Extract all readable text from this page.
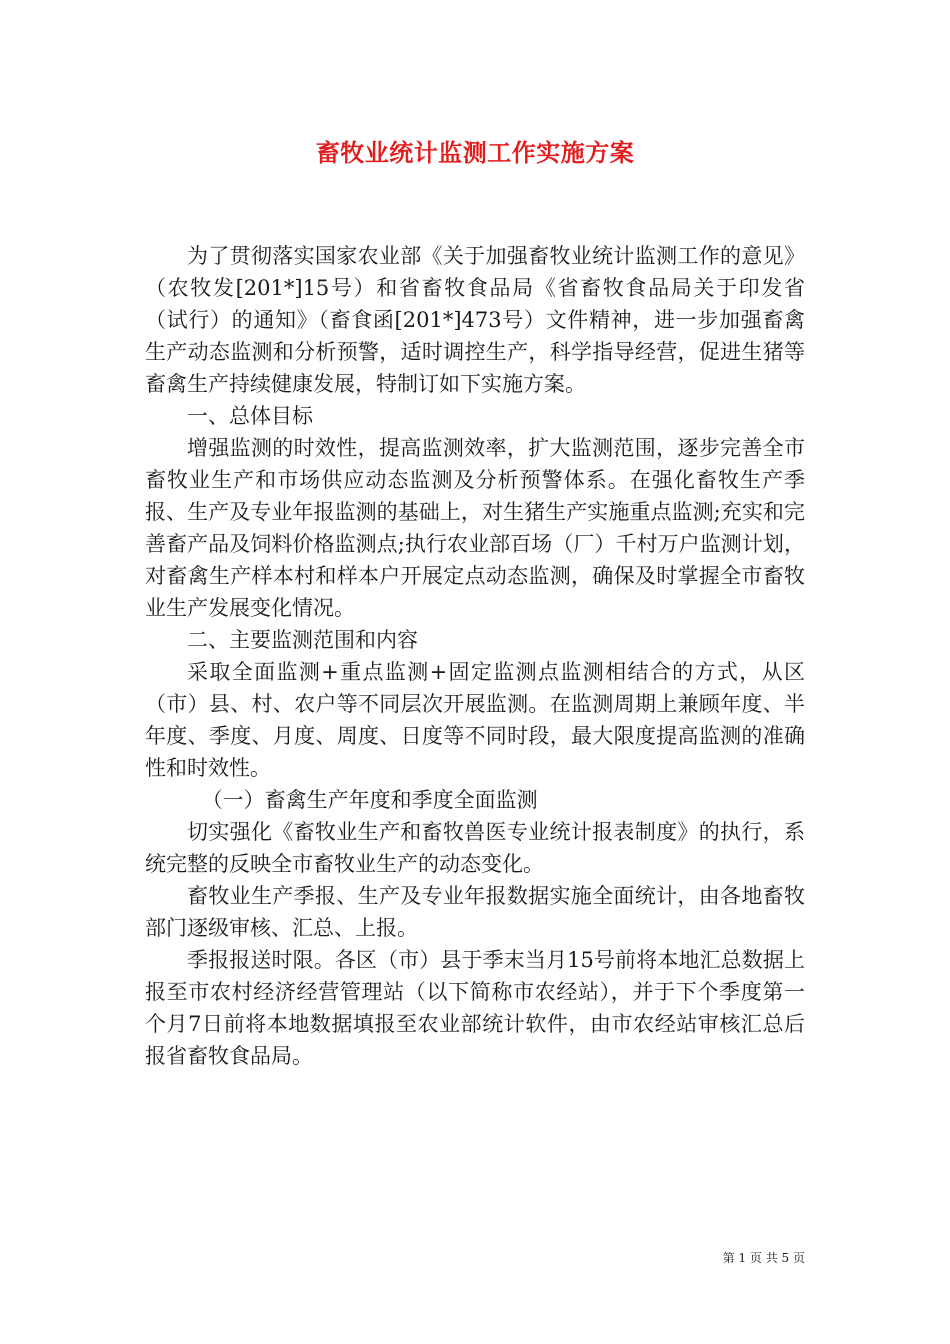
畜牧业统计监测工作实施方案

为了贯彻落实国家农业部《关于加强畜牧业统计监测工作的意见》（农牧发[201*]15号）和省畜牧食品局《省畜牧食品局关于印发省（试行）的通知》（畜食函[201*]473号）文件精神，进一步加强畜禽生产动态监测和分析预警，适时调控生产，科学指导经营，促进生猪等畜禽生产持续健康发展，特制订如下实施方案。

一、总体目标

增强监测的时效性，提高监测效率，扩大监测范围，逐步完善全市畜牧业生产和市场供应动态监测及分析预警体系。在强化畜牧生产季报、生产及专业年报监测的基础上，对生猪生产实施重点监测;充实和完善畜产品及饲料价格监测点;执行农业部百场（厂）千村万户监测计划，对畜禽生产样本村和样本户开展定点动态监测，确保及时掌握全市畜牧业生产发展变化情况。

二、主要监测范围和内容

采取全面监测+重点监测+固定监测点监测相结合的方式，从区（市）县、村、农户等不同层次开展监测。在监测周期上兼顾年度、半年度、季度、月度、周度、日度等不同时段，最大限度提高监测的准确性和时效性。

（一）畜禽生产年度和季度全面监测

切实强化《畜牧业生产和畜牧兽医专业统计报表制度》的执行，系统完整的反映全市畜牧业生产的动态变化。

畜牧业生产季报、生产及专业年报数据实施全面统计，由各地畜牧部门逐级审核、汇总、上报。

季报报送时限。各区（市）县于季末当月15号前将本地汇总数据上报至市农村经济经营管理站（以下简称市农经站），并于下个季度第一个月7日前将本地数据填报至农业部统计软件，由市农经站审核汇总后报省畜牧食品局。

第 1 页 共 5 页
